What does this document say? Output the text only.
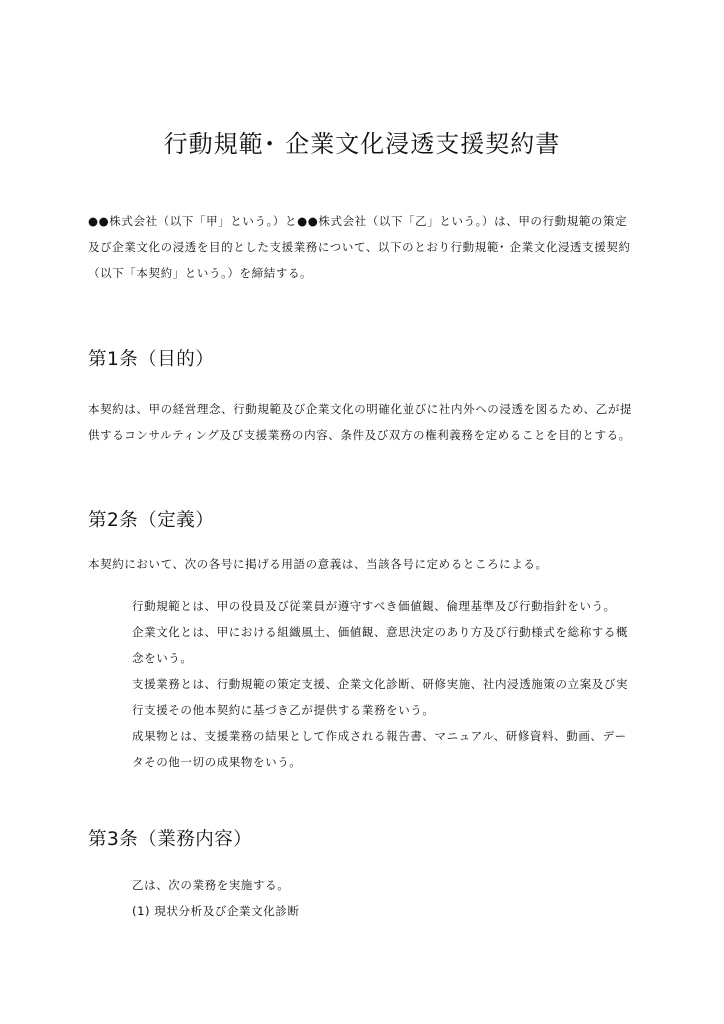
行動規範･ 企業文化浸透支援契約書
●●株式会社（以下「甲」という。）と●●株式会社（以下「乙」という。）は、甲の行動規範の策定
及び企業文化の浸透を目的とした支援業務について、以下のとおり行動規範･ 企業文化浸透支援契約
（以下「本契約」という。）を締結する。
第1条（目的）
本契約は、甲の経営理念、行動規範及び企業文化の明確化並びに社内外への浸透を図るため、乙が提
供するコンサルティング及び支援業務の内容、条件及び双方の権利義務を定めることを目的とする。
第2条（定義）
本契約において、次の各号に掲げる用語の意義は、当該各号に定めるところによる。
行動規範とは、甲の役員及び従業員が遵守すべき価値観、倫理基準及び行動指針をいう。
企業文化とは、甲における組織風土、価値観、意思決定のあり方及び行動様式を総称する概
念をいう。
支援業務とは、行動規範の策定支援、企業文化診断、研修実施、社内浸透施策の立案及び実
行支援その他本契約に基づき乙が提供する業務をいう。
成果物とは、支援業務の結果として作成される報告書、マニュアル、研修資料、動画、デー
タその他一切の成果物をいう。
第3条（業務内容）
乙は、次の業務を実施する。
(1) 現状分析及び企業文化診断
